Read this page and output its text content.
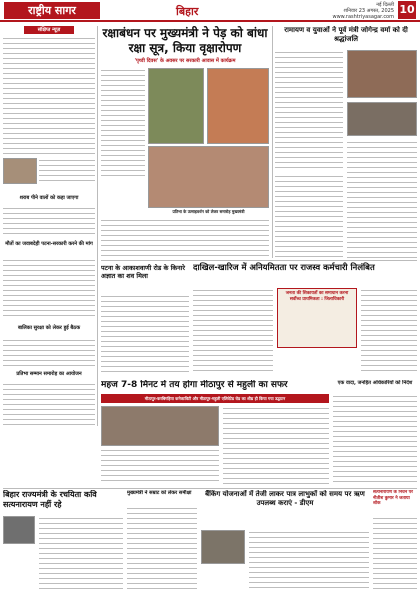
राष्ट्रीय सागर	बिहार	नई दिल्ली
शनिवार 23 अगस्त, 2025
www.rashtriyasagar.com
10
संक्षिप्त न्यूज़
शराब पीने वालों को कहा जाएगा
मौतों का जवाबदेही पटना-सरकारी करने की मांग
बालिका सुरक्षा को लेकर हुई बैठक
प्रतिभा सम्मान समारोह का आयोजन
रक्षाबंधन पर मुख्यमंत्री ने पेड़ को बांधा रक्षा सूत्र, किया वृक्षारोपण
'पृथ्वी दिवस' के अवसर पर सरकारी आवास में कार्यक्रम
प्रतिभा के उत्साहवर्धन को लेकर समारोह मुख्यमंत्री
रामायण व युवाओं ने पूर्व मंत्री जोगेन्द्र वर्मा को दी श्रद्धांजलि
पटना के आकाशवाणी रोड के किनारे अज्ञात का शव मिला
दाखिल-खारिज में अनियमितता पर राजस्व कर्मचारी निलंबित
जनता की शिकायतों का समाधान करना सर्वोच्च प्राथमिकता : जिलाधिकारी
महज 7-8 मिनट में तय होगा मीठापुर से महुली का सफर	एक वादा, जनहित अधिकारियों को निर्देश
मीठापुर-करबिगहिया कनेक्टविटी और मीठापुर-महुली एलिवेटेड रोड का शीघ्र ही किया गया उद्घाटन
बिहार राज्यमंत्री के रचयिता कवि सत्यनारायण नहीं रहे
मुख्यमंत्री ने सम्राट को लेकर समीक्षा	बैंकिंग योजनाओं में तेजी लाकर पात्र लाभुकों को समय पर ऋण उपलब्ध कराएं - डीएम
सत्यनारायण के निधन पर नीतीश कुमार ने जताया शोक
